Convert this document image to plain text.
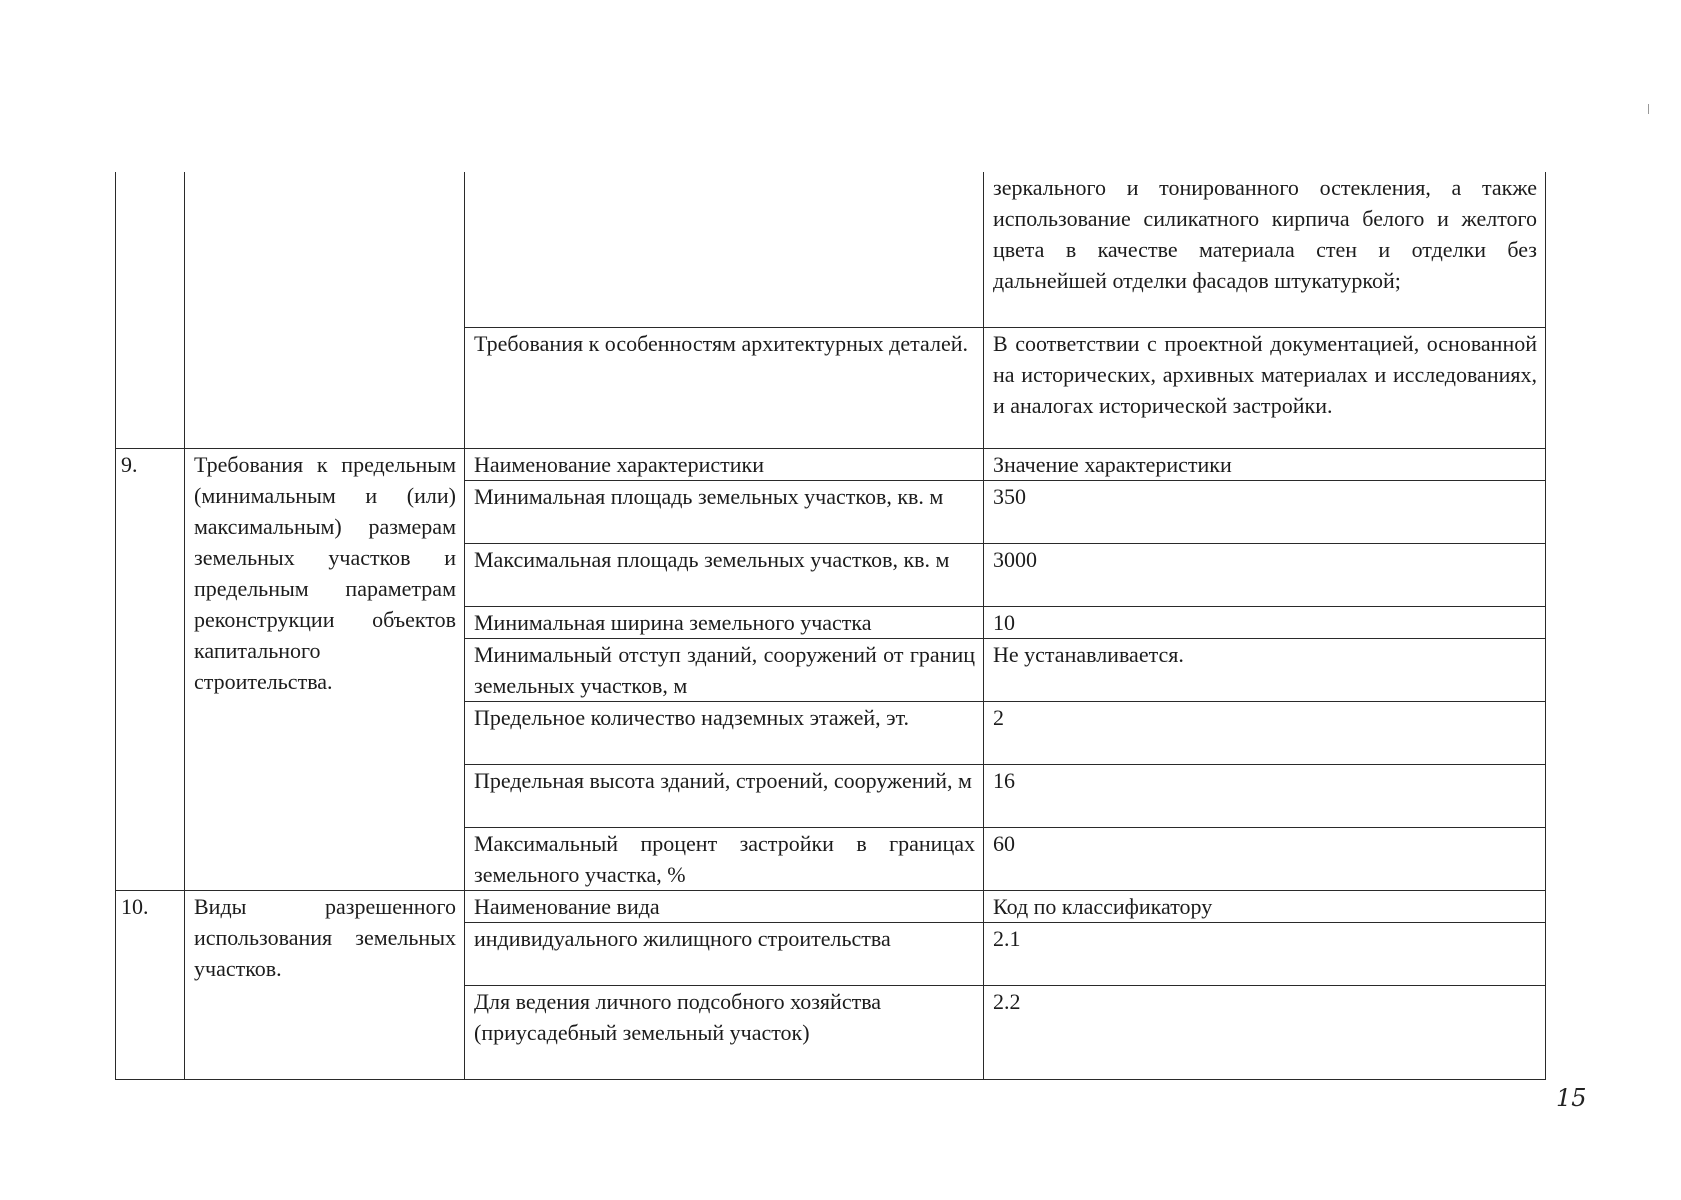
			зеркального и тонированного остекления, а также использование силикатного кирпича белого и желтого цвета в качестве материала стен и отделки без дальнейшей отделки фасадов штукатуркой;
		Требования к особенностям архитектурных деталей.	В соответствии с проектной документацией, основанной на исторических, архивных материалах и исследованиях, и аналогах исторической застройки.
9.	Требования к предельным (минимальным и (или) максимальным) размерам земельных участков и предельным параметрам реконструкции объектов капитального строительства.	Наименование характеристики	Значение характеристики
		Минимальная площадь земельных участков, кв. м	350
		Максимальная площадь земельных участков, кв. м	3000
		Минимальная ширина земельного участка	10
		Минимальный отступ зданий, сооружений от границ земельных участков, м	Не устанавливается.
		Предельное количество надземных этажей, эт.	2
		Предельная высота зданий, строений, сооружений, м	16
		Максимальный процент застройки в границах земельного участка, %	60
10.	Виды разрешенного использования земельных участков.	Наименование вида	Код по классификатору
		индивидуального жилищного строительства	2.1
		Для ведения личного подсобного хозяйства (приусадебный земельный участок)	2.2
15
